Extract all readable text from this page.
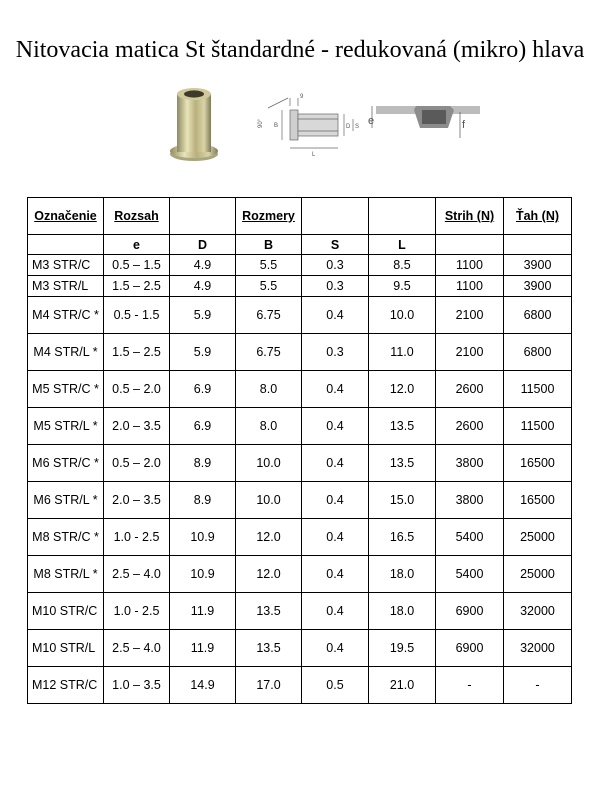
Nitovacia matica St štandardné - redukovaná (mikro) hlava
9
90° B	D S
L
e	f
Označenie	Rozsah		Rozmery			Strih (N)	Ťah (N)
	e	D	B	S	L		
M3 STR/C	0.5 – 1.5	4.9	5.5	0.3	8.5	1100	3900
M3 STR/L	1.5 – 2.5	4.9	5.5	0.3	9.5	1100	3900
M4 STR/C *	0.5 - 1.5	5.9	6.75	0.4	10.0	2100	6800
M4 STR/L *	1.5 – 2.5	5.9	6.75	0.3	11.0	2100	6800
M5 STR/C *	0.5 – 2.0	6.9	8.0	0.4	12.0	2600	11500
M5 STR/L *	2.0 – 3.5	6.9	8.0	0.4	13.5	2600	11500
M6 STR/C *	0.5 – 2.0	8.9	10.0	0.4	13.5	3800	16500
M6 STR/L *	2.0 – 3.5	8.9	10.0	0.4	15.0	3800	16500
M8 STR/C *	1.0 - 2.5	10.9	12.0	0.4	16.5	5400	25000
M8 STR/L *	2.5 – 4.0	10.9	12.0	0.4	18.0	5400	25000
M10 STR/C	1.0 - 2.5	11.9	13.5	0.4	18.0	6900	32000
M10 STR/L	2.5 – 4.0	11.9	13.5	0.4	19.5	6900	32000
M12 STR/C	1.0 – 3.5	14.9	17.0	0.5	21.0	-	-
